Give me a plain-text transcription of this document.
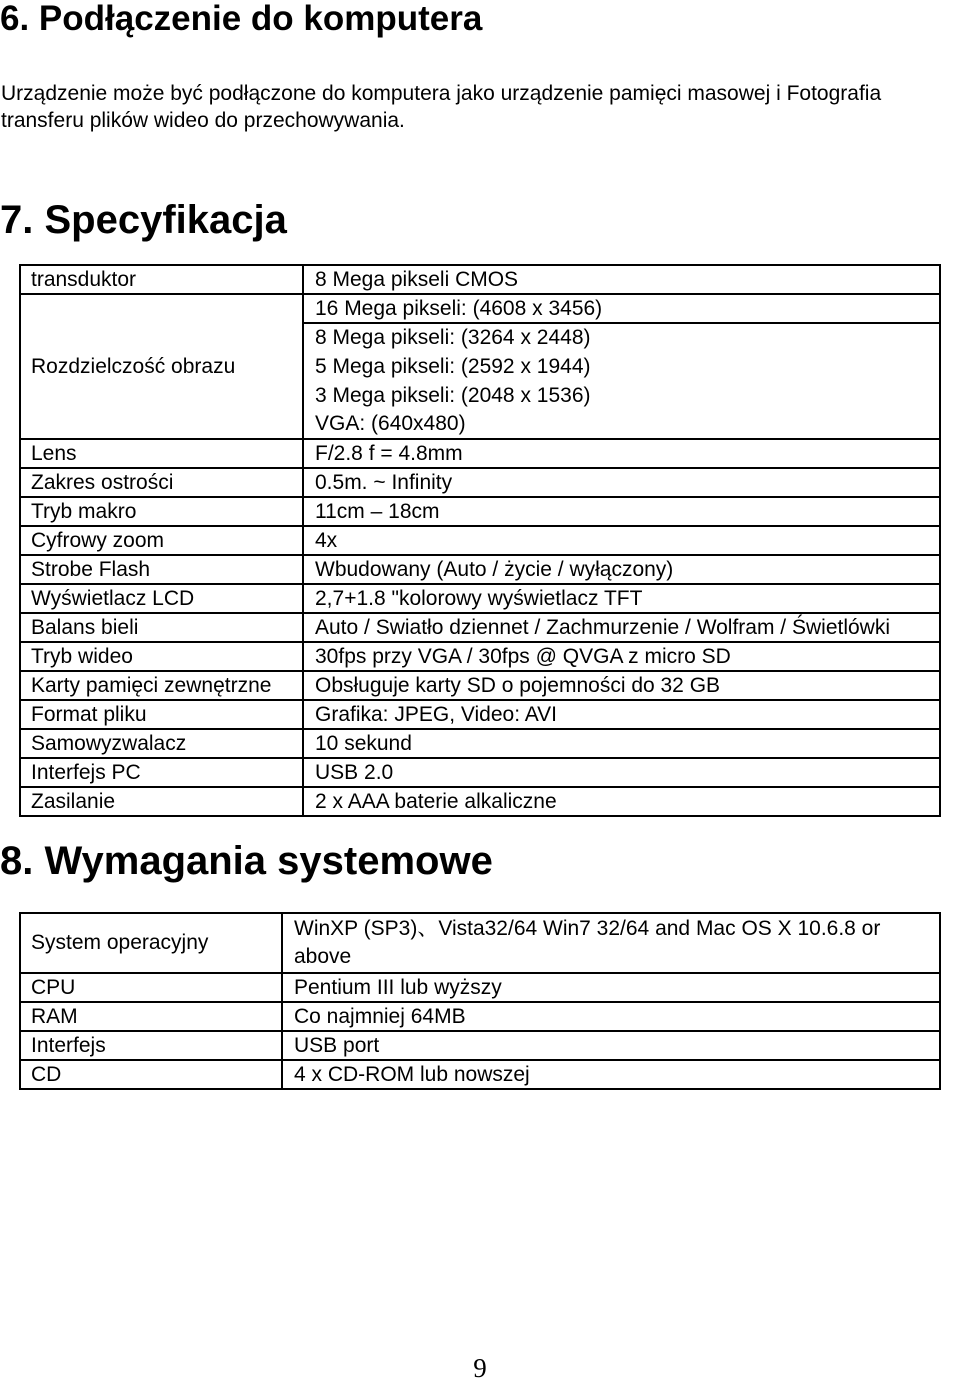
6. Podłączenie do komputera

Urządzenie może być podłączone do komputera jako urządzenie pamięci masowej i Fotografia transferu plików wideo do przechowywania.

7. Specyfikacja
transduktor	8 Mega pikseli CMOS
Rozdzielczość obrazu	16 Mega pikseli: (4608 x 3456)
	8 Mega pikseli: (3264 x 2448)
	5 Mega pikseli: (2592 x 1944)
	3 Mega pikseli: (2048 x 1536)
	VGA: (640x480)
Lens	F/2.8 f = 4.8mm
Zakres ostrości	0.5m. ~ Infinity
Tryb makro	11cm – 18cm
Cyfrowy zoom	4x
Strobe Flash	Wbudowany (Auto / życie / wyłączony)
Wyświetlacz LCD	2,7+1.8 "kolorowy wyświetlacz TFT
Balans bieli	Auto / Swiatło dziennet / Zachmurzenie / Wolfram / Świetlówki
Tryb wideo	30fps przy VGA / 30fps @ QVGA z micro SD
Karty pamięci zewnętrzne	Obsługuje karty SD o pojemności do 32 GB
Format pliku	Grafika: JPEG, Video: AVI
Samowyzwalacz	10 sekund
Interfejs PC	USB 2.0
Zasilanie	2 x AAA baterie alkaliczne
8. Wymagania systemowe
System operacyjny	WinXP (SP3)、Vista32/64 Win7 32/64 and Mac OS X 10.6.8 or above
CPU	Pentium III lub wyższy
RAM	Co najmniej 64MB
Interfejs	USB port
CD	4 x CD-ROM lub nowszej
9
